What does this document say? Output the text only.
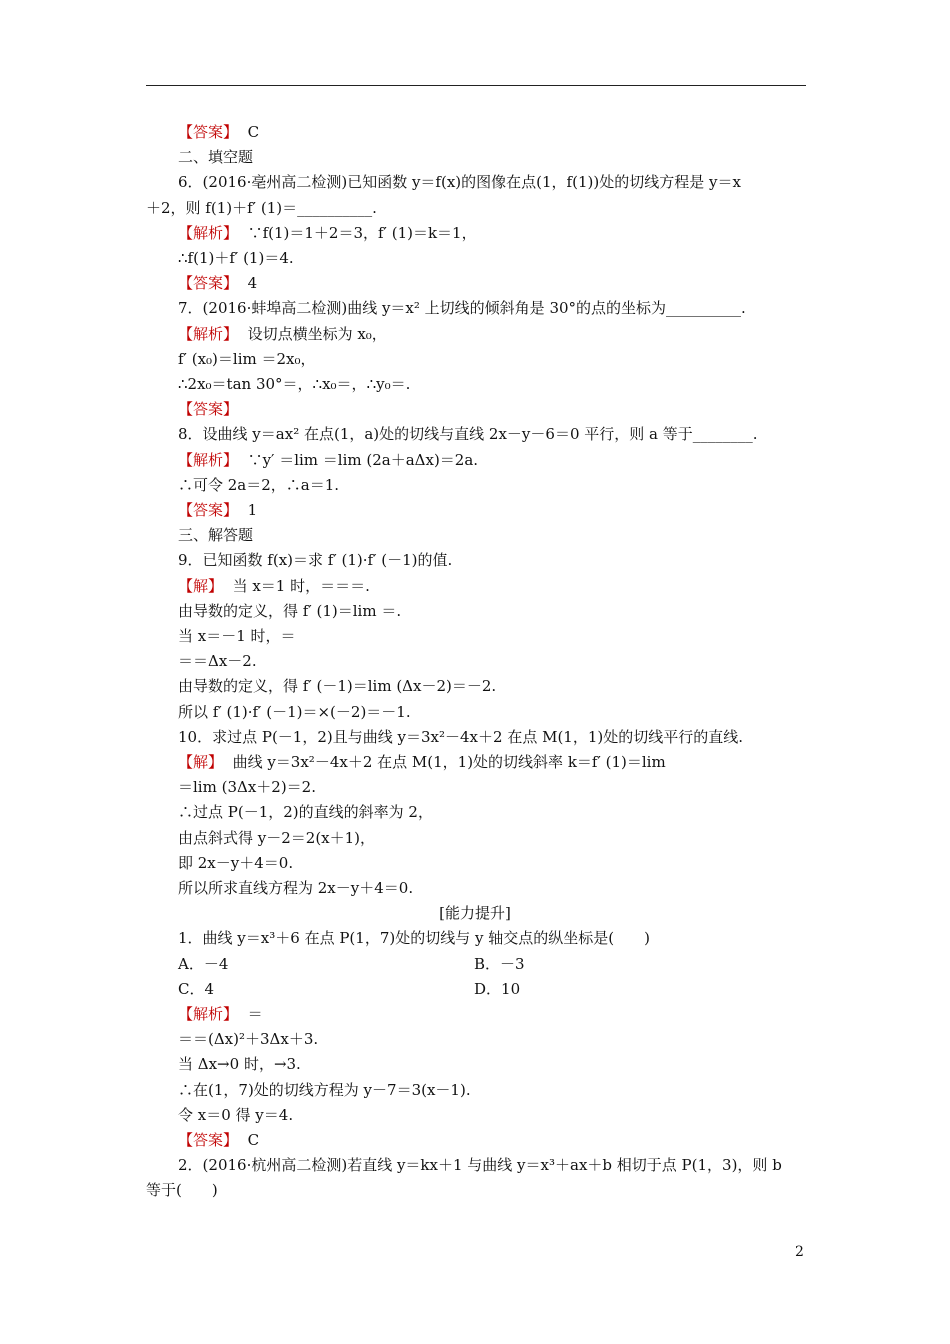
【答案】 C
二、填空题
6．(2016·亳州高二检测)已知函数 y＝f(x)的图像在点(1，f(1))处的切线方程是 y＝x
＋2，则 f(1)＋f′ (1)＝__________.
【解析】 ∵f(1)＝1＋2＝3，f′ (1)＝k＝1，
∴f(1)＋f′ (1)＝4.
【答案】 4
7．(2016·蚌埠高二检测)曲线 y＝x² 上切线的倾斜角是 30°的点的坐标为__________.
【解析】 设切点横坐标为 x₀，
f′ (x₀)＝lim ＝2x₀，
∴2x₀＝tan 30°＝，∴x₀＝，∴y₀＝.
【答案】
8．设曲线 y＝ax² 在点(1，a)处的切线与直线 2x－y－6＝0 平行，则 a 等于________.
【解析】 ∵y′ ＝lim ＝lim (2a＋aΔx)＝2a.
∴可令 2a＝2，∴a＝1.
【答案】 1
三、解答题
9．已知函数 f(x)＝求 f′ (1)·f′ (－1)的值.
【解】 当 x＝1 时，＝＝＝.
由导数的定义，得 f′ (1)＝lim ＝.
当 x＝－1 时，＝
＝＝Δx－2.
由导数的定义，得 f′ (－1)＝lim (Δx－2)＝－2.
所以 f′ (1)·f′ (－1)＝×(－2)＝－1.
10．求过点 P(－1，2)且与曲线 y＝3x²－4x＋2 在点 M(1，1)处的切线平行的直线.
【解】 曲线 y＝3x²－4x＋2 在点 M(1，1)处的切线斜率 k＝f′ (1)＝lim
＝lim (3Δx＋2)＝2.
∴过点 P(－1，2)的直线的斜率为 2，
由点斜式得 y－2＝2(x＋1)，
即 2x－y＋4＝0.
所以所求直线方程为 2x－y＋4＝0.
[能力提升]
1．曲线 y＝x³＋6 在点 P(1，7)处的切线与 y 轴交点的纵坐标是(　　)
A．－4	B．－3
C．4	D．10
【解析】 ＝
＝＝(Δx)²＋3Δx＋3.
当 Δx→0 时，→3.
∴在(1，7)处的切线方程为 y－7＝3(x－1).
令 x＝0 得 y＝4.
【答案】 C
2．(2016·杭州高二检测)若直线 y＝kx＋1 与曲线 y＝x³＋ax＋b 相切于点 P(1，3)，则 b
等于(　　)
2
